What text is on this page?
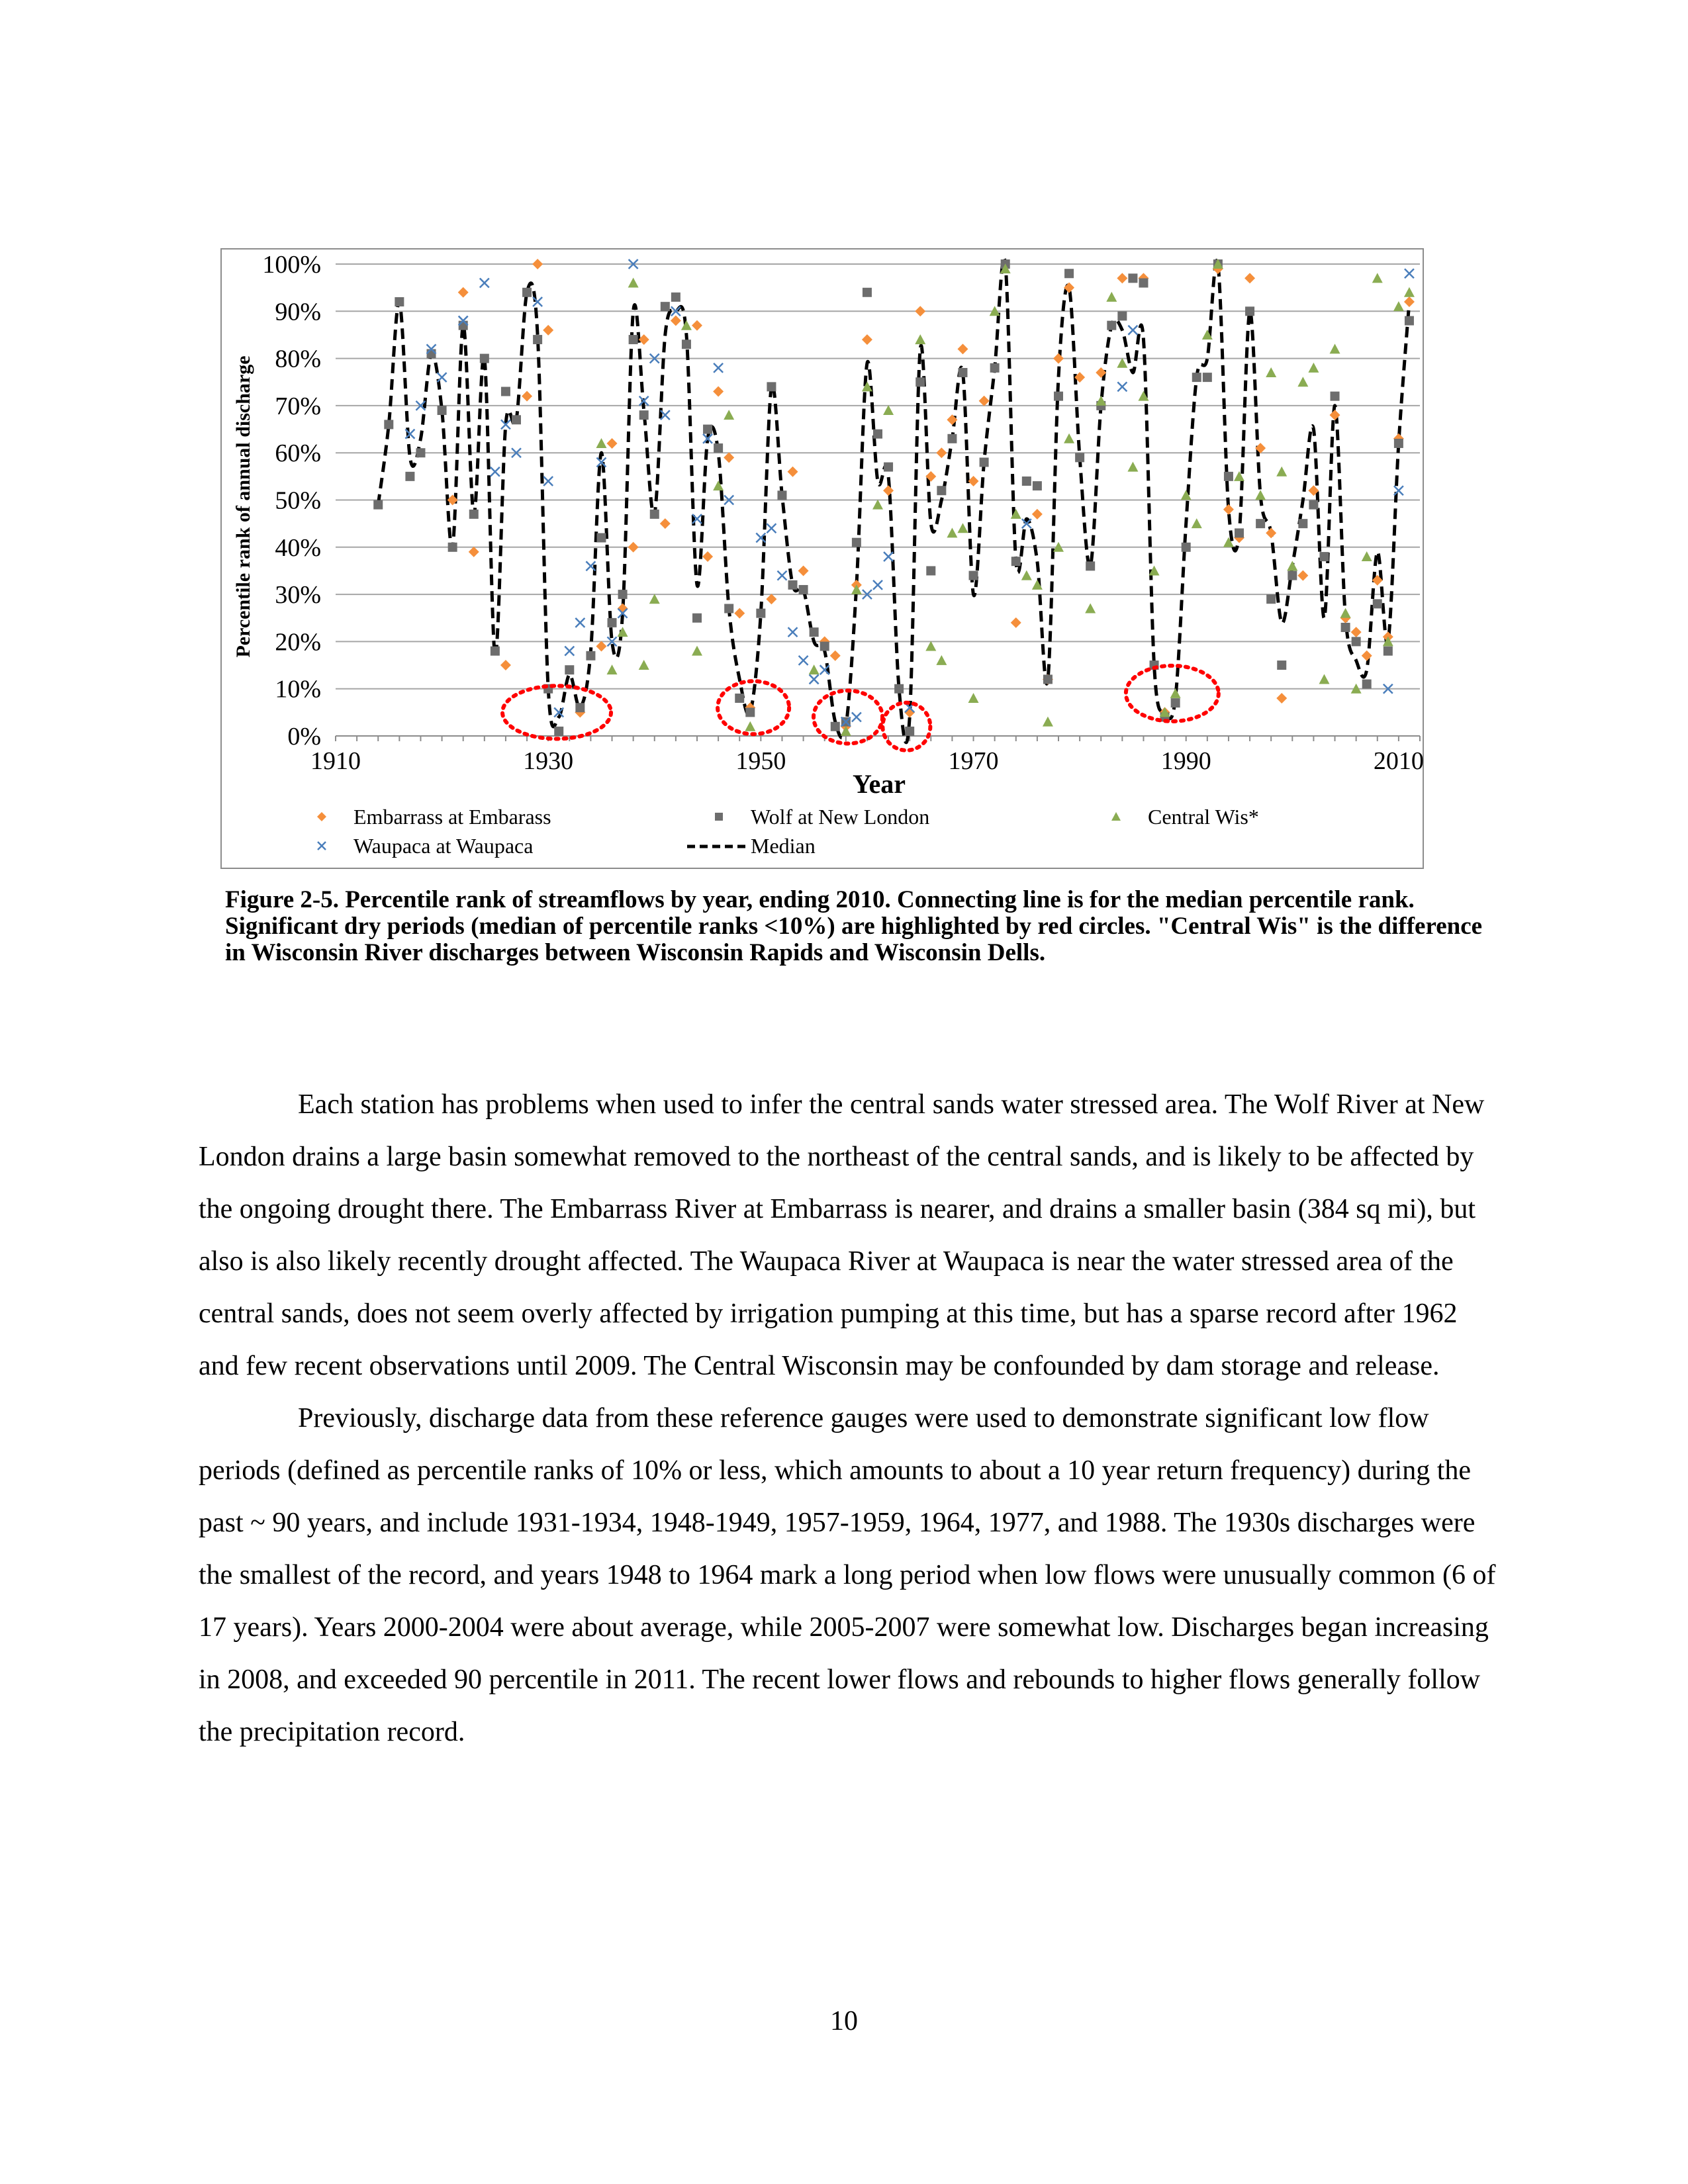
0%
10%
20%
30%
40%
50%
60%
70%
80%
90%
100%
1910	1930	1950	1970	1990	2010
Year
Percentile rank of annual discharge
Embarrass at Embarass	Wolf at New London	Central Wis*
Waupaca at Waupaca	Median

Figure 2-5. Percentile rank of streamflows by year, ending 2010. Connecting line is for the median percentile rank. Significant dry periods (median of percentile ranks <10%) are highlighted by red circles. "Central Wis" is the difference in Wisconsin River discharges between Wisconsin Rapids and Wisconsin Dells.

Each station has problems when used to infer the central sands water stressed area. The Wolf River at New London drains a large basin somewhat removed to the northeast of the central sands, and is likely to be affected by the ongoing drought there. The Embarrass River at Embarrass is nearer, and drains a smaller basin (384 sq mi), but also is also likely recently drought affected. The Waupaca River at Waupaca is near the water stressed area of the central sands, does not seem overly affected by irrigation pumping at this time, but has a sparse record after 1962 and few recent observations until 2009. The Central Wisconsin may be confounded by dam storage and release.

Previously, discharge data from these reference gauges were used to demonstrate significant low flow periods (defined as percentile ranks of 10% or less, which amounts to about a 10 year return frequency) during the past ~ 90 years, and include 1931-1934, 1948-1949, 1957-1959, 1964, 1977, and 1988. The 1930s discharges were the smallest of the record, and years 1948 to 1964 mark a long period when low flows were unusually common (6 of 17 years). Years 2000-2004 were about average, while 2005-2007 were somewhat low. Discharges began increasing in 2008, and exceeded 90 percentile in 2011. The recent lower flows and rebounds to higher flows generally follow the precipitation record.

10
